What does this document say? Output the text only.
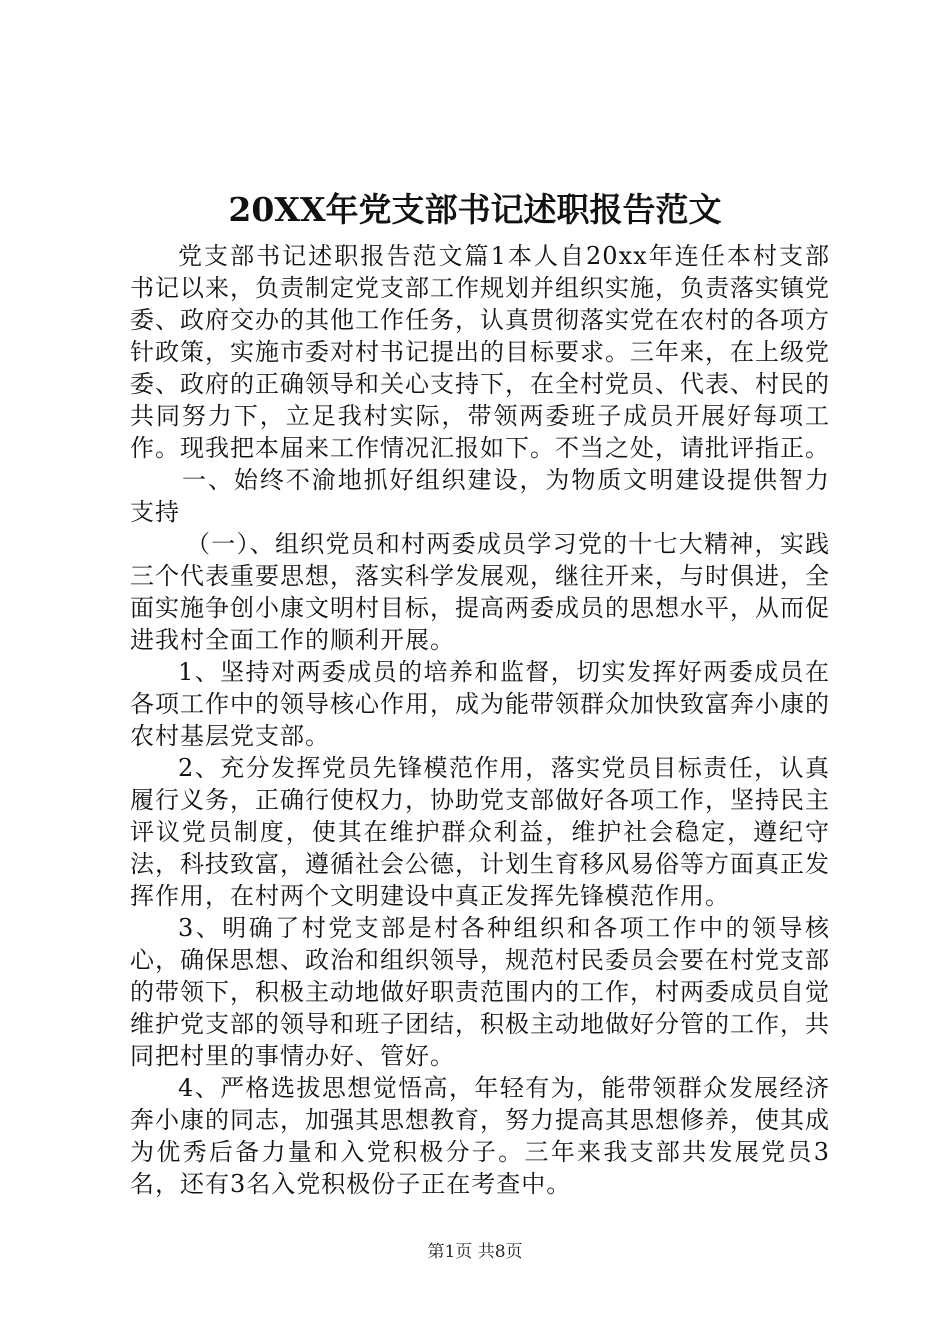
20XX年党支部书记述职报告范文

党支部书记述职报告范文篇1本人自20xx年连任本村支部书记以来，负责制定党支部工作规划并组织实施，负责落实镇党委、政府交办的其他工作任务，认真贯彻落实党在农村的各项方针政策，实施市委对村书记提出的目标要求。三年来，在上级党委、政府的正确领导和关心支持下，在全村党员、代表、村民的共同努力下，立足我村实际，带领两委班子成员开展好每项工作。现我把本届来工作情况汇报如下。不当之处，请批评指正。

一、始终不渝地抓好组织建设，为物质文明建设提供智力支持

（一）、组织党员和村两委成员学习党的十七大精神，实践三个代表重要思想，落实科学发展观，继往开来，与时俱进，全面实施争创小康文明村目标，提高两委成员的思想水平，从而促进我村全面工作的顺利开展。

1、坚持对两委成员的培养和监督，切实发挥好两委成员在各项工作中的领导核心作用，成为能带领群众加快致富奔小康的农村基层党支部。

2、充分发挥党员先锋模范作用，落实党员目标责任，认真履行义务，正确行使权力，协助党支部做好各项工作，坚持民主评议党员制度，使其在维护群众利益，维护社会稳定，遵纪守法，科技致富，遵循社会公德，计划生育移风易俗等方面真正发挥作用，在村两个文明建设中真正发挥先锋模范作用。

3、明确了村党支部是村各种组织和各项工作中的领导核心，确保思想、政治和组织领导，规范村民委员会要在村党支部的带领下，积极主动地做好职责范围内的工作，村两委成员自觉维护党支部的领导和班子团结，积极主动地做好分管的工作，共同把村里的事情办好、管好。

4、严格选拔思想觉悟高，年轻有为，能带领群众发展经济奔小康的同志，加强其思想教育，努力提高其思想修养，使其成为优秀后备力量和入党积极分子。三年来我支部共发展党员3名，还有3名入党积极份子正在考查中。

第1页 共8页
